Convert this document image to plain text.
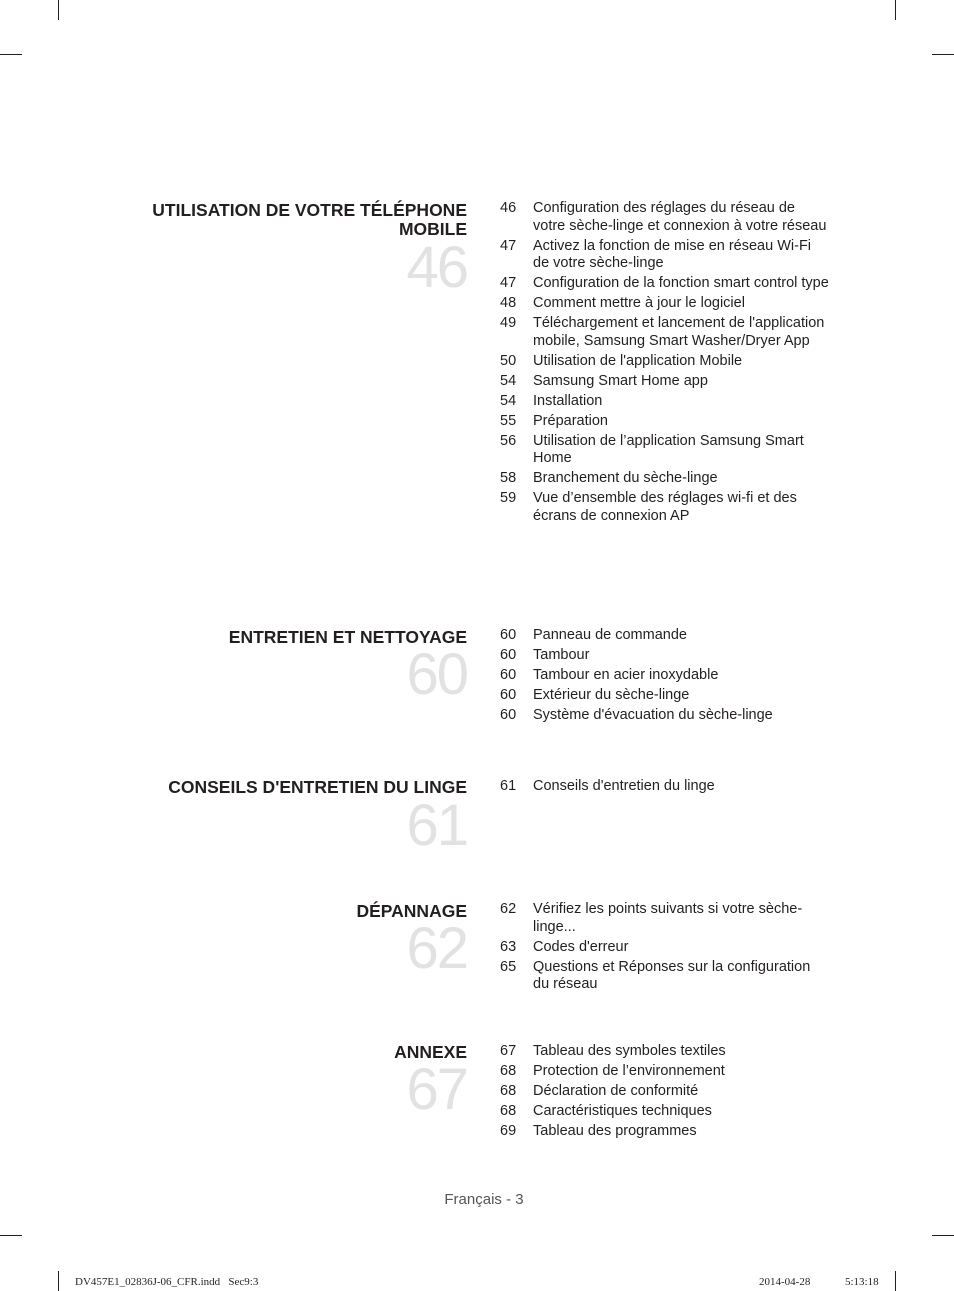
UTILISATION DE VOTRE TÉLÉPHONE MOBILE
46
46	Configuration des réglages du réseau de votre sèche-linge et connexion à votre réseau
47	Activez la fonction de mise en réseau Wi-Fi de votre sèche-linge
47	Configuration de la fonction smart control type
48	Comment mettre à jour le logiciel
49	Téléchargement et lancement de l'application mobile, Samsung Smart Washer/Dryer App
50	Utilisation de l'application Mobile
54	Samsung Smart Home app
54	Installation
55	Préparation
56	Utilisation de l’application Samsung Smart Home
58	Branchement du sèche-linge
59	Vue d’ensemble des réglages wi-fi et des écrans de connexion AP
ENTRETIEN ET NETTOYAGE
60
60	Panneau de commande
60	Tambour
60	Tambour en acier inoxydable
60	Extérieur du sèche-linge
60	Système d'évacuation du sèche-linge
CONSEILS D'ENTRETIEN DU LINGE
61
61	Conseils d'entretien du linge
DÉPANNAGE
62
62	Vérifiez les points suivants si votre sèche-linge...
63	Codes d'erreur
65	Questions et Réponses sur la configuration du réseau
ANNEXE
67
67	Tableau des symboles textiles
68	Protection de l’environnement
68	Déclaration de conformité
68	Caractéristiques techniques
69	Tableau des programmes
Français - 3
DV457E1_02836J-06_CFR.indd   Sec9:3	2014-04-28	5:13:18
